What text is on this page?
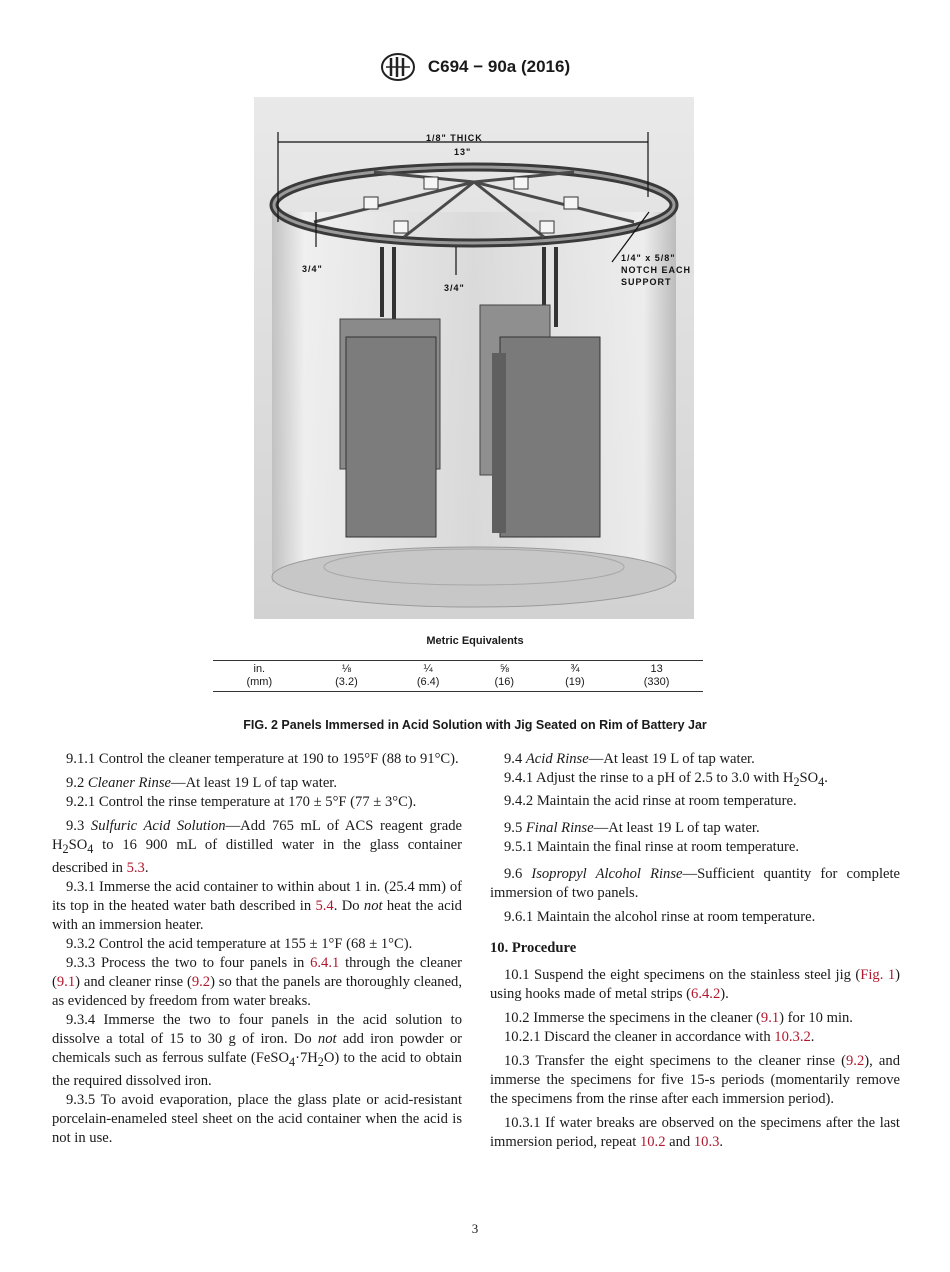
C694 − 90a (2016)
1/8" THICK
13"
3/4"
3/4"
1/4" x 5/8"
NOTCH EACH
SUPPORT
Metric Equivalents
in.	⅛	¼	⅝	¾	13
(mm)	(3.2)	(6.4)	(16)	(19)	(330)
FIG. 2 Panels Immersed in Acid Solution with Jig Seated on Rim of Battery Jar

9.1.1 Control the cleaner temperature at 190 to 195°F (88 to 91°C).

9.2 Cleaner Rinse—At least 19 L of tap water.

9.2.1 Control the rinse temperature at 170 ± 5°F (77 ± 3°C).

9.3 Sulfuric Acid Solution—Add 765 mL of ACS reagent grade $H_2SO_4$ to 16 900 mL of distilled water in the glass container described in 5.3.

9.3.1 Immerse the acid container to within about 1 in. (25.4 mm) of its top in the heated water bath described in 5.4. Do not heat the acid with an immersion heater.

9.3.2 Control the acid temperature at 155 ± 1°F (68 ± 1°C).

9.3.3 Process the two to four panels in 6.4.1 through the cleaner (9.1) and cleaner rinse (9.2) so that the panels are thoroughly cleaned, as evidenced by freedom from water breaks.

9.3.4 Immerse the two to four panels in the acid solution to dissolve a total of 15 to 30 g of iron. Do not add iron powder or chemicals such as ferrous sulfate $(FeSO_4\cdot 7H_2O)$ to the acid to obtain the required dissolved iron.

9.3.5 To avoid evaporation, place the glass plate or acid-resistant porcelain-enameled steel sheet on the acid container when the acid is not in use.

9.4 Acid Rinse—At least 19 L of tap water.

9.4.1 Adjust the rinse to a pH of 2.5 to 3.0 with $H_2SO_4$.

9.4.2 Maintain the acid rinse at room temperature.

9.5 Final Rinse—At least 19 L of tap water.

9.5.1 Maintain the final rinse at room temperature.

9.6 Isopropyl Alcohol Rinse—Sufficient quantity for complete immersion of two panels.

9.6.1 Maintain the alcohol rinse at room temperature.

10. Procedure

10.1 Suspend the eight specimens on the stainless steel jig (Fig. 1) using hooks made of metal strips (6.4.2).

10.2 Immerse the specimens in the cleaner (9.1) for 10 min.

10.2.1 Discard the cleaner in accordance with 10.3.2.

10.3 Transfer the eight specimens to the cleaner rinse (9.2), and immerse the specimens for five 15-s periods (momentarily remove the specimens from the rinse after each immersion period).

10.3.1 If water breaks are observed on the specimens after the last immersion period, repeat 10.2 and 10.3.

3
